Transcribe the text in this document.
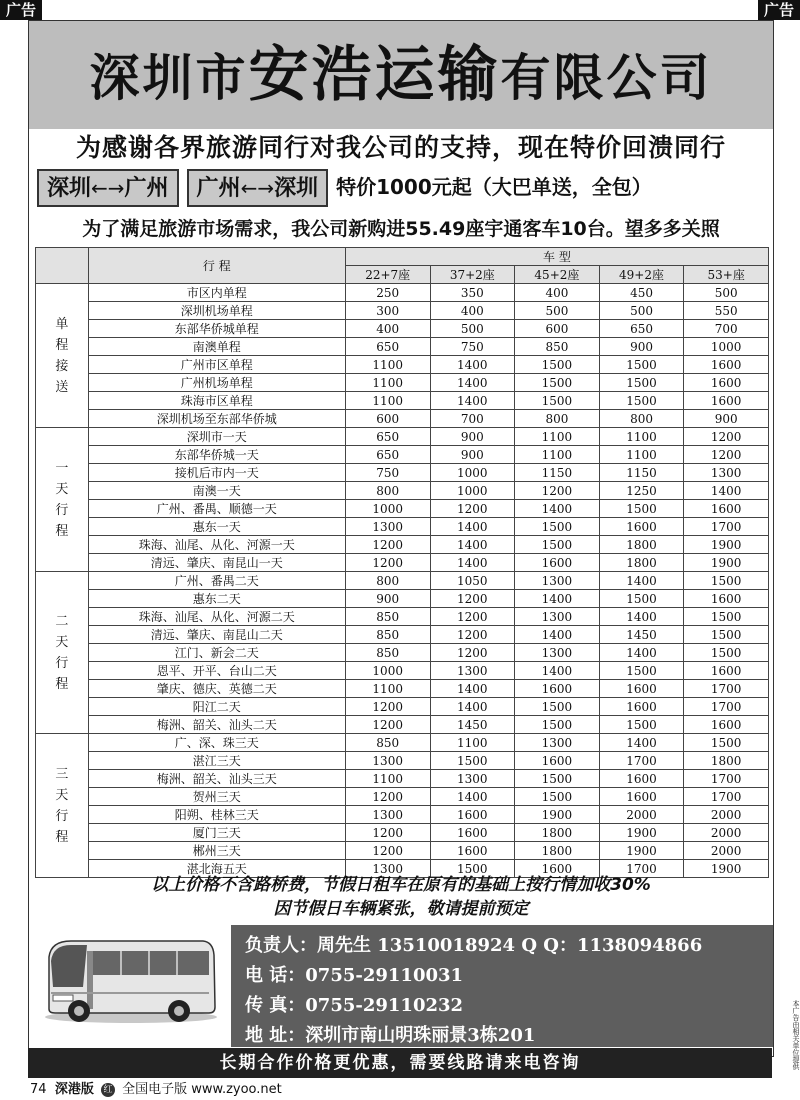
广告	广告
深圳市安浩运输有限公司
为感谢各界旅游同行对我公司的支持，现在特价回溃同行
深圳←→广州 广州←→深圳 特价1000元起（大巴单送，全包）
为了满足旅游市场需求，我公司新购进55.49座宇通客车10台。望多多关照
	行 程	车 型				
		22+7座	37+2座	45+2座	49+2座	53+座

单
程
接
送	市区内单程	250	350	400	450	500
	深圳机场单程	300	400	500	500	550
	东部华侨城单程	400	500	600	650	700
	南澳单程	650	750	850	900	1000
	广州市区单程	1100	1400	1500	1500	1600
	广州机场单程	1100	1400	1500	1500	1600
	珠海市区单程	1100	1400	1500	1500	1600
	深圳机场至东部华侨城	600	700	800	800	900

一
天
行
程	深圳市一天	650	900	1100	1100	1200
	东部华侨城一天	650	900	1100	1100	1200
	接机后市内一天	750	1000	1150	1150	1300
	南澳一天	800	1000	1200	1250	1400
	广州、番禺、顺德一天	1000	1200	1400	1500	1600
	惠东一天	1300	1400	1500	1600	1700
	珠海、汕尾、从化、河源一天	1200	1400	1500	1800	1900
	清远、肇庆、南昆山一天	1200	1400	1600	1800	1900

二
天
行
程	广州、番禺二天	800	1050	1300	1400	1500
	惠东二天	900	1200	1400	1500	1600
	珠海、汕尾、从化、河源二天	850	1200	1300	1400	1500
	清远、肇庆、南昆山二天	850	1200	1400	1450	1500
	江门、新会二天	850	1200	1300	1400	1500
	恩平、开平、台山二天	1000	1300	1400	1500	1600
	肇庆、德庆、英德二天	1100	1400	1600	1600	1700
	阳江二天	1200	1400	1500	1600	1700
	梅洲、韶关、汕头二天	1200	1450	1500	1500	1600

三
天
行
程	广、深、珠三天	850	1100	1300	1400	1500
	湛江三天	1300	1500	1600	1700	1800
	梅洲、韶关、汕头三天	1100	1300	1500	1600	1700
	贺州三天	1200	1400	1500	1600	1700
	阳朔、桂林三天	1300	1600	1900	2000	2000
	厦门三天	1200	1600	1800	1900	2000
	郴州三天	1200	1600	1800	1900	2000
	湛北海五天	1300	1500	1600	1700	1900
以上价格不含路桥费，节假日租车在原有的基础上按行情加收30%
因节假日车辆紧张，敬请提前预定
负责人：周先生 13510018924 Q Q：1138094866
电 话：0755-29110031
传 真：0755-29110232
地 址：深圳市南山明珠丽景3栋201
长期合作价格更优惠，需要线路请来电咨询
74 深港版 红 全国电子版 www.zyoo.net
本广告由相关单位提供
